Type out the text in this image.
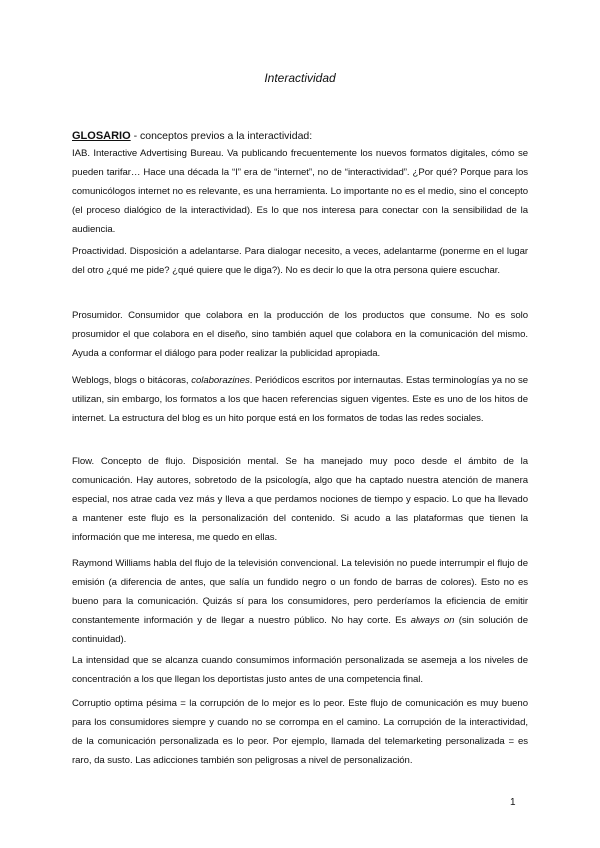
Interactividad
GLOSARIO - conceptos previos a la interactividad:

IAB. Interactive Advertising Bureau. Va publicando frecuentemente los nuevos formatos digitales, cómo se pueden tarifar… Hace una década la “I” era de “internet”, no de “interactividad”. ¿Por qué? Porque para los comunicólogos internet no es relevante, es una herramienta. Lo importante no es el medio, sino el concepto (el proceso dialógico de la interactividad). Es lo que nos interesa para conectar con la sensibilidad de la audiencia.

Proactividad. Disposición a adelantarse. Para dialogar necesito, a veces, adelantarme (ponerme en el lugar del otro ¿qué me pide? ¿qué quiere que le diga?). No es decir lo que la otra persona quiere escuchar.

Prosumidor. Consumidor que colabora en la producción de los productos que consume. No es solo prosumidor el que colabora en el diseño, sino también aquel que colabora en la comunicación del mismo. Ayuda a conformar el diálogo para poder realizar la publicidad apropiada.

Weblogs, blogs o bitácoras, colaborazines. Periódicos escritos por internautas. Estas terminologías ya no se utilizan, sin embargo, los formatos a los que hacen referencias siguen vigentes. Este es uno de los hitos de internet. La estructura del blog es un hito porque está en los formatos de todas las redes sociales.

Flow. Concepto de flujo. Disposición mental. Se ha manejado muy poco desde el ámbito de la comunicación. Hay autores, sobretodo de la psicología, algo que ha captado nuestra atención de manera especial, nos atrae cada vez más y lleva a que perdamos nociones de tiempo y espacio. Lo que ha llevado a mantener este flujo es la personalización del contenido. Si acudo a las plataformas que tienen la información que me interesa, me quedo en ellas.

Raymond Williams habla del flujo de la televisión convencional. La televisión no puede interrumpir el flujo de emisión (a diferencia de antes, que salía un fundido negro o un fondo de barras de colores). Esto no es bueno para la comunicación. Quizás sí para los consumidores, pero perderíamos la eficiencia de emitir constantemente información y de llegar a nuestro público. No hay corte. Es always on (sin solución de continuidad).

La intensidad que se alcanza cuando consumimos información personalizada se asemeja a los niveles de concentración a los que llegan los deportistas justo antes de una competencia final.

Corruptio optima pésima = la corrupción de lo mejor es lo peor. Este flujo de comunicación es muy bueno para los consumidores siempre y cuando no se corrompa en el camino. La corrupción de la interactividad, de la comunicación personalizada es lo peor. Por ejemplo, llamada del telemarketing personalizada = es raro, da susto. Las adicciones también son peligrosas a nivel de personalización.

1
